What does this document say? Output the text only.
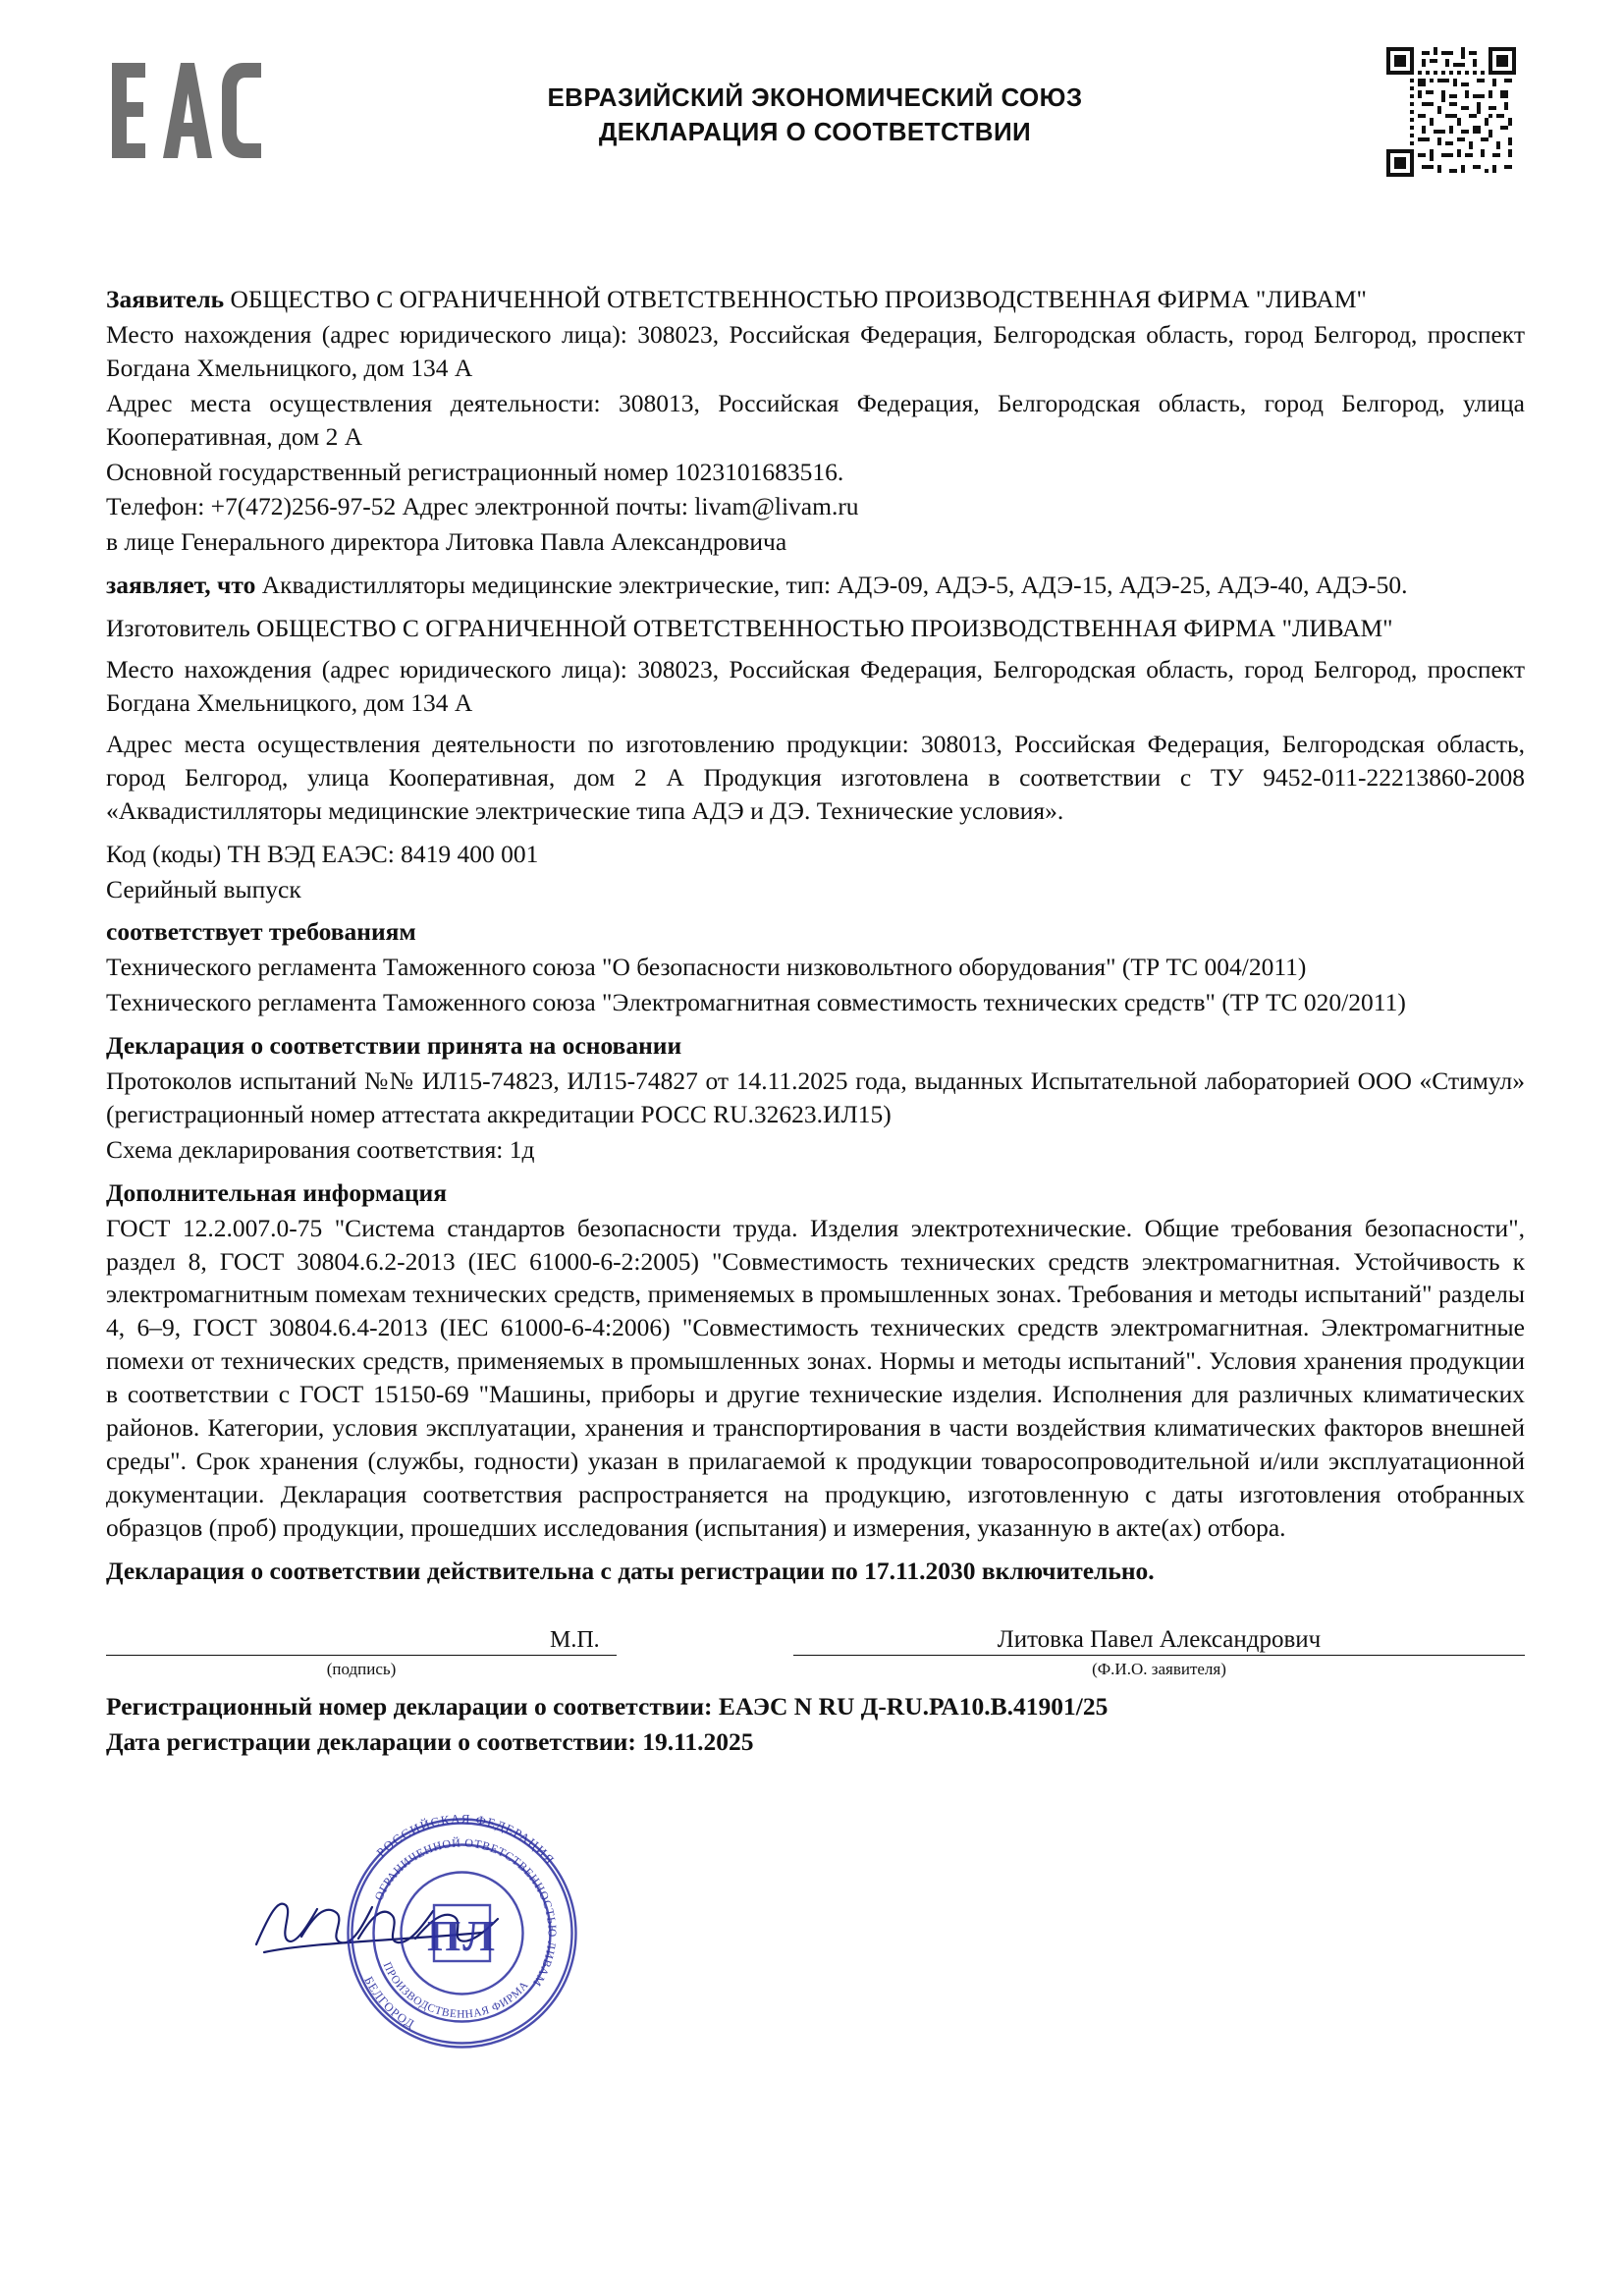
ЕВРАЗИЙСКИЙ ЭКОНОМИЧЕСКИЙ СОЮЗ
ДЕКЛАРАЦИЯ О СООТВЕТСТВИИ

Заявитель ОБЩЕСТВО С ОГРАНИЧЕННОЙ ОТВЕТСТВЕННОСТЬЮ ПРОИЗВОДСТВЕННАЯ ФИРМА "ЛИВАМ"

Место нахождения (адрес юридического лица): 308023, Российская Федерация, Белгородская область, город Белгород, проспект Богдана Хмельницкого, дом 134 А

Адрес места осуществления деятельности: 308013, Российская Федерация, Белгородская область, город Белгород, улица Кооперативная, дом 2 А

Основной государственный регистрационный номер 1023101683516.

Телефон: +7(472)256-97-52 Адрес электронной почты: livam@livam.ru

в лице Генерального директора Литовка Павла Александровича

заявляет, что Аквадистилляторы медицинские электрические, тип: АДЭ-09, АДЭ-5, АДЭ-15, АДЭ-25, АДЭ-40, АДЭ-50.

Изготовитель ОБЩЕСТВО С ОГРАНИЧЕННОЙ ОТВЕТСТВЕННОСТЬЮ ПРОИЗВОДСТВЕННАЯ ФИРМА "ЛИВАМ"

Место нахождения (адрес юридического лица): 308023, Российская Федерация, Белгородская область, город Белгород, проспект Богдана Хмельницкого, дом 134 А

Адрес места осуществления деятельности по изготовлению продукции: 308013, Российская Федерация, Белгородская область, город Белгород, улица Кооперативная, дом 2 А Продукция изготовлена в соответствии с ТУ 9452-011-22213860-2008 «Аквадистилляторы медицинские электрические типа АДЭ и ДЭ. Технические условия».

Код (коды) ТН ВЭД ЕАЭС: 8419 400 001

Серийный выпуск

соответствует требованиям

Технического регламента Таможенного союза "О безопасности низковольтного оборудования" (ТР ТС 004/2011)

Технического регламента Таможенного союза "Электромагнитная совместимость технических средств" (ТР ТС 020/2011)

Декларация о соответствии принята на основании

Протоколов испытаний №№ ИЛ15-74823, ИЛ15-74827 от 14.11.2025 года, выданных Испытательной лабораторией ООО «Стимул» (регистрационный номер аттестата аккредитации РОСС RU.32623.ИЛ15)

Схема декларирования соответствия: 1д

Дополнительная информация

ГОСТ 12.2.007.0-75 "Система стандартов безопасности труда. Изделия электротехнические. Общие требования безопасности", раздел 8, ГОСТ 30804.6.2-2013 (IEC 61000-6-2:2005) "Совместимость технических средств электромагнитная. Устойчивость к электромагнитным помехам технических средств, применяемых в промышленных зонах. Требования и методы испытаний" разделы 4, 6–9, ГОСТ 30804.6.4-2013 (IEC 61000-6-4:2006) "Совместимость технических средств электромагнитная. Электромагнитные помехи от технических средств, применяемых в промышленных зонах. Нормы и методы испытаний". Условия хранения продукции в соответствии с ГОСТ 15150-69 "Машины, приборы и другие технические изделия. Исполнения для различных климатических районов. Категории, условия эксплуатации, хранения и транспортирования в части воздействия климатических факторов внешней среды". Срок хранения (службы, годности) указан в прилагаемой к продукции товаросопроводительной и/или эксплуатационной документации. Декларация соответствия распространяется на продукцию, изготовленную с даты изготовления отобранных образцов (проб) продукции, прошедших исследования (испытания) и измерения, указанную в акте(ах) отбора.

Декларация о соответствии действительна с даты регистрации по 17.11.2030 включительно.

(подпись)
М.П.
(Ф.И.О. заявителя)
Литовка Павел Александрович

Регистрационный номер декларации о соответствии: ЕАЭС N RU Д-RU.РА10.В.41901/25

Дата регистрации декларации о соответствии: 19.11.2025

РОССИЙСКАЯ ФЕДЕРАЦИЯ
БЕЛГОРОД
ОГРАНИЧЕННОЙ ОТВЕТСТВЕННОСТЬЮ ЛИВАМ
ПРОИЗВОДСТВЕННАЯ ФИРМА
ПЛ
